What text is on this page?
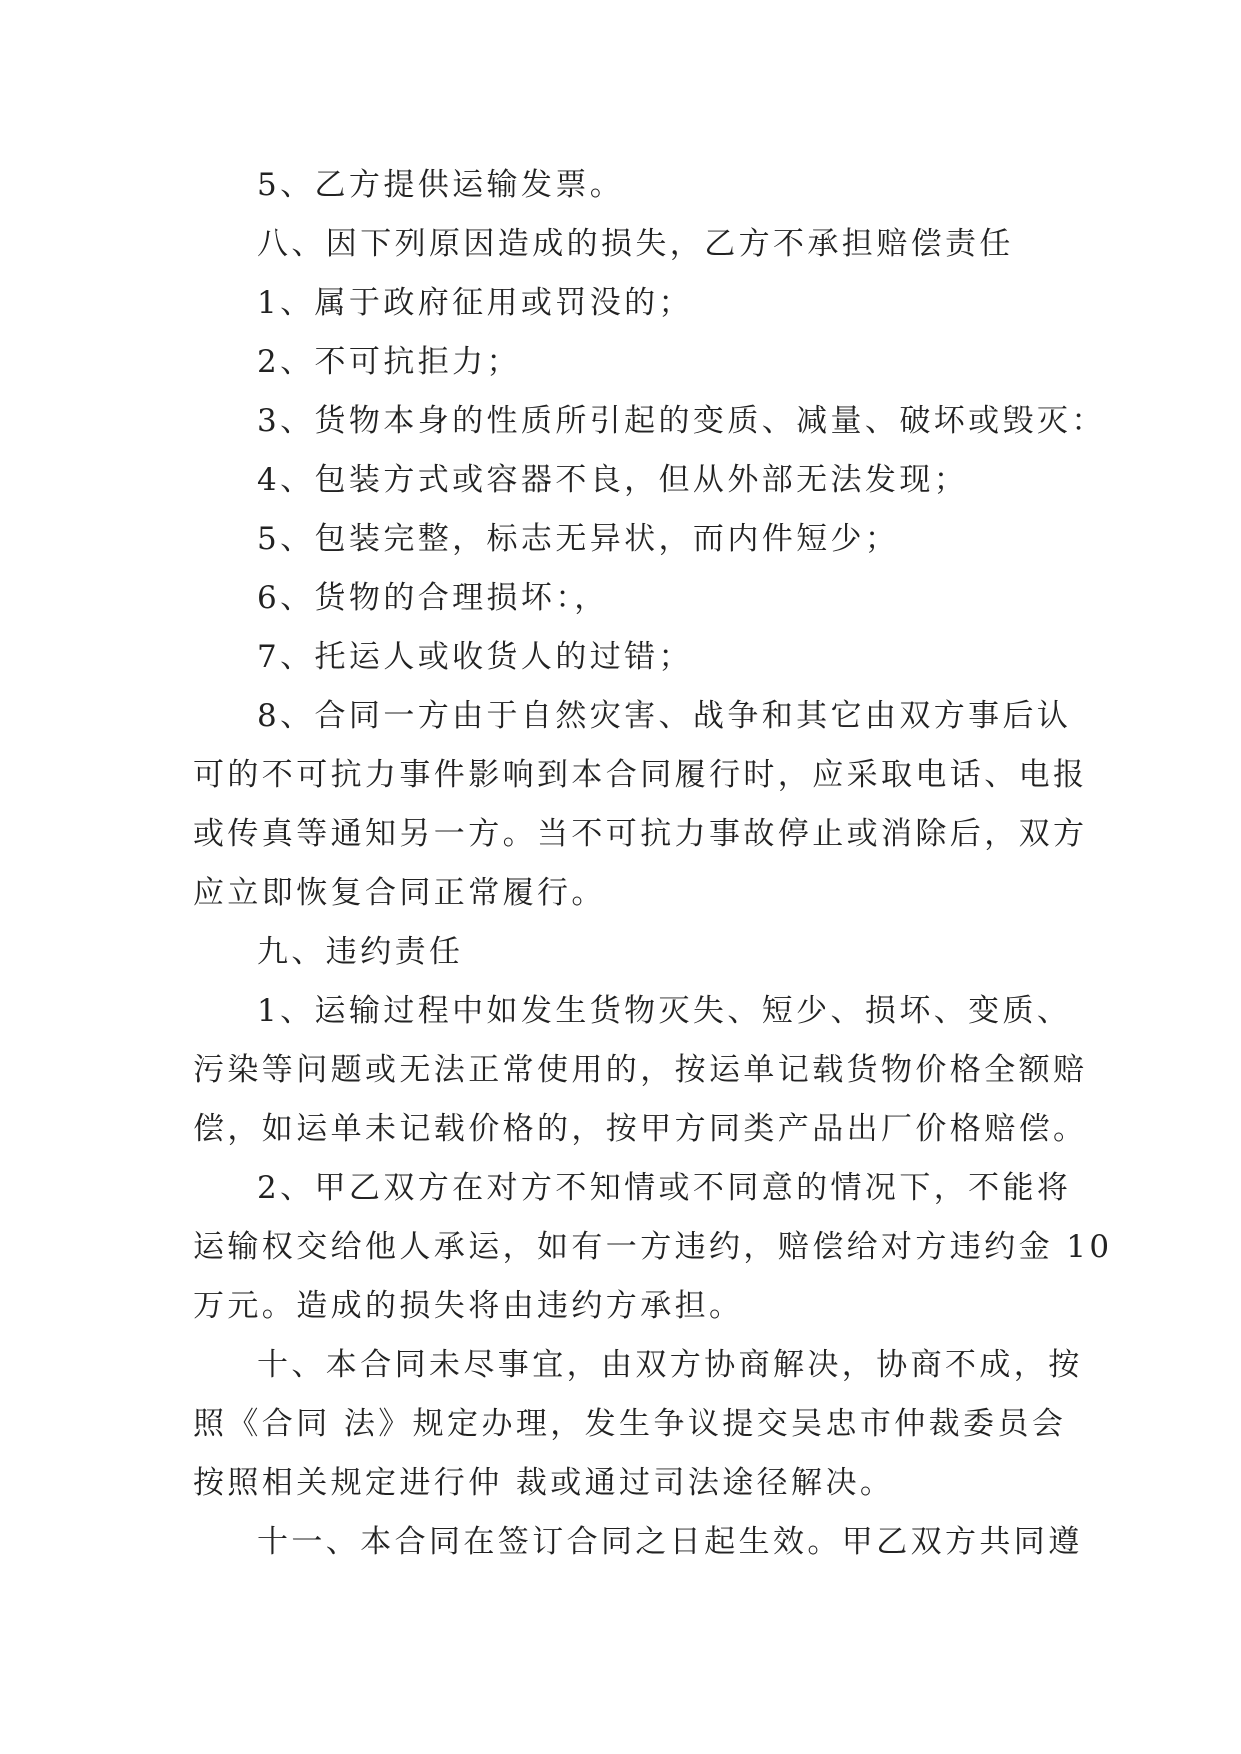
5、乙方提供运输发票。
八、因下列原因造成的损失，乙方不承担赔偿责任
1、属于政府征用或罚没的；
2、不可抗拒力；
3、货物本身的性质所引起的变质、减量、破坏或毁灭：
4、包装方式或容器不良，但从外部无法发现；
5、包装完整，标志无异状，而内件短少；
6、货物的合理损坏：，
7、托运人或收货人的过错；
8、合同一方由于自然灾害、战争和其它由双方事后认
可的不可抗力事件影响到本合同履行时，应采取电话、电报
或传真等通知另一方。当不可抗力事故停止或消除后，双方
应立即恢复合同正常履行。
九、违约责任
1、运输过程中如发生货物灭失、短少、损坏、变质、
污染等问题或无法正常使用的，按运单记载货物价格全额赔
偿，如运单未记载价格的，按甲方同类产品出厂价格赔偿。
2、甲乙双方在对方不知情或不同意的情况下，不能将
运输权交给他人承运，如有一方违约，赔偿给对方违约金 10
万元。造成的损失将由违约方承担。
十、本合同未尽事宜，由双方协商解决，协商不成，按
照《合同 法》规定办理，发生争议提交吴忠市仲裁委员会
按照相关规定进行仲 裁或通过司法途径解决。
十一、本合同在签订合同之日起生效。甲乙双方共同遵
